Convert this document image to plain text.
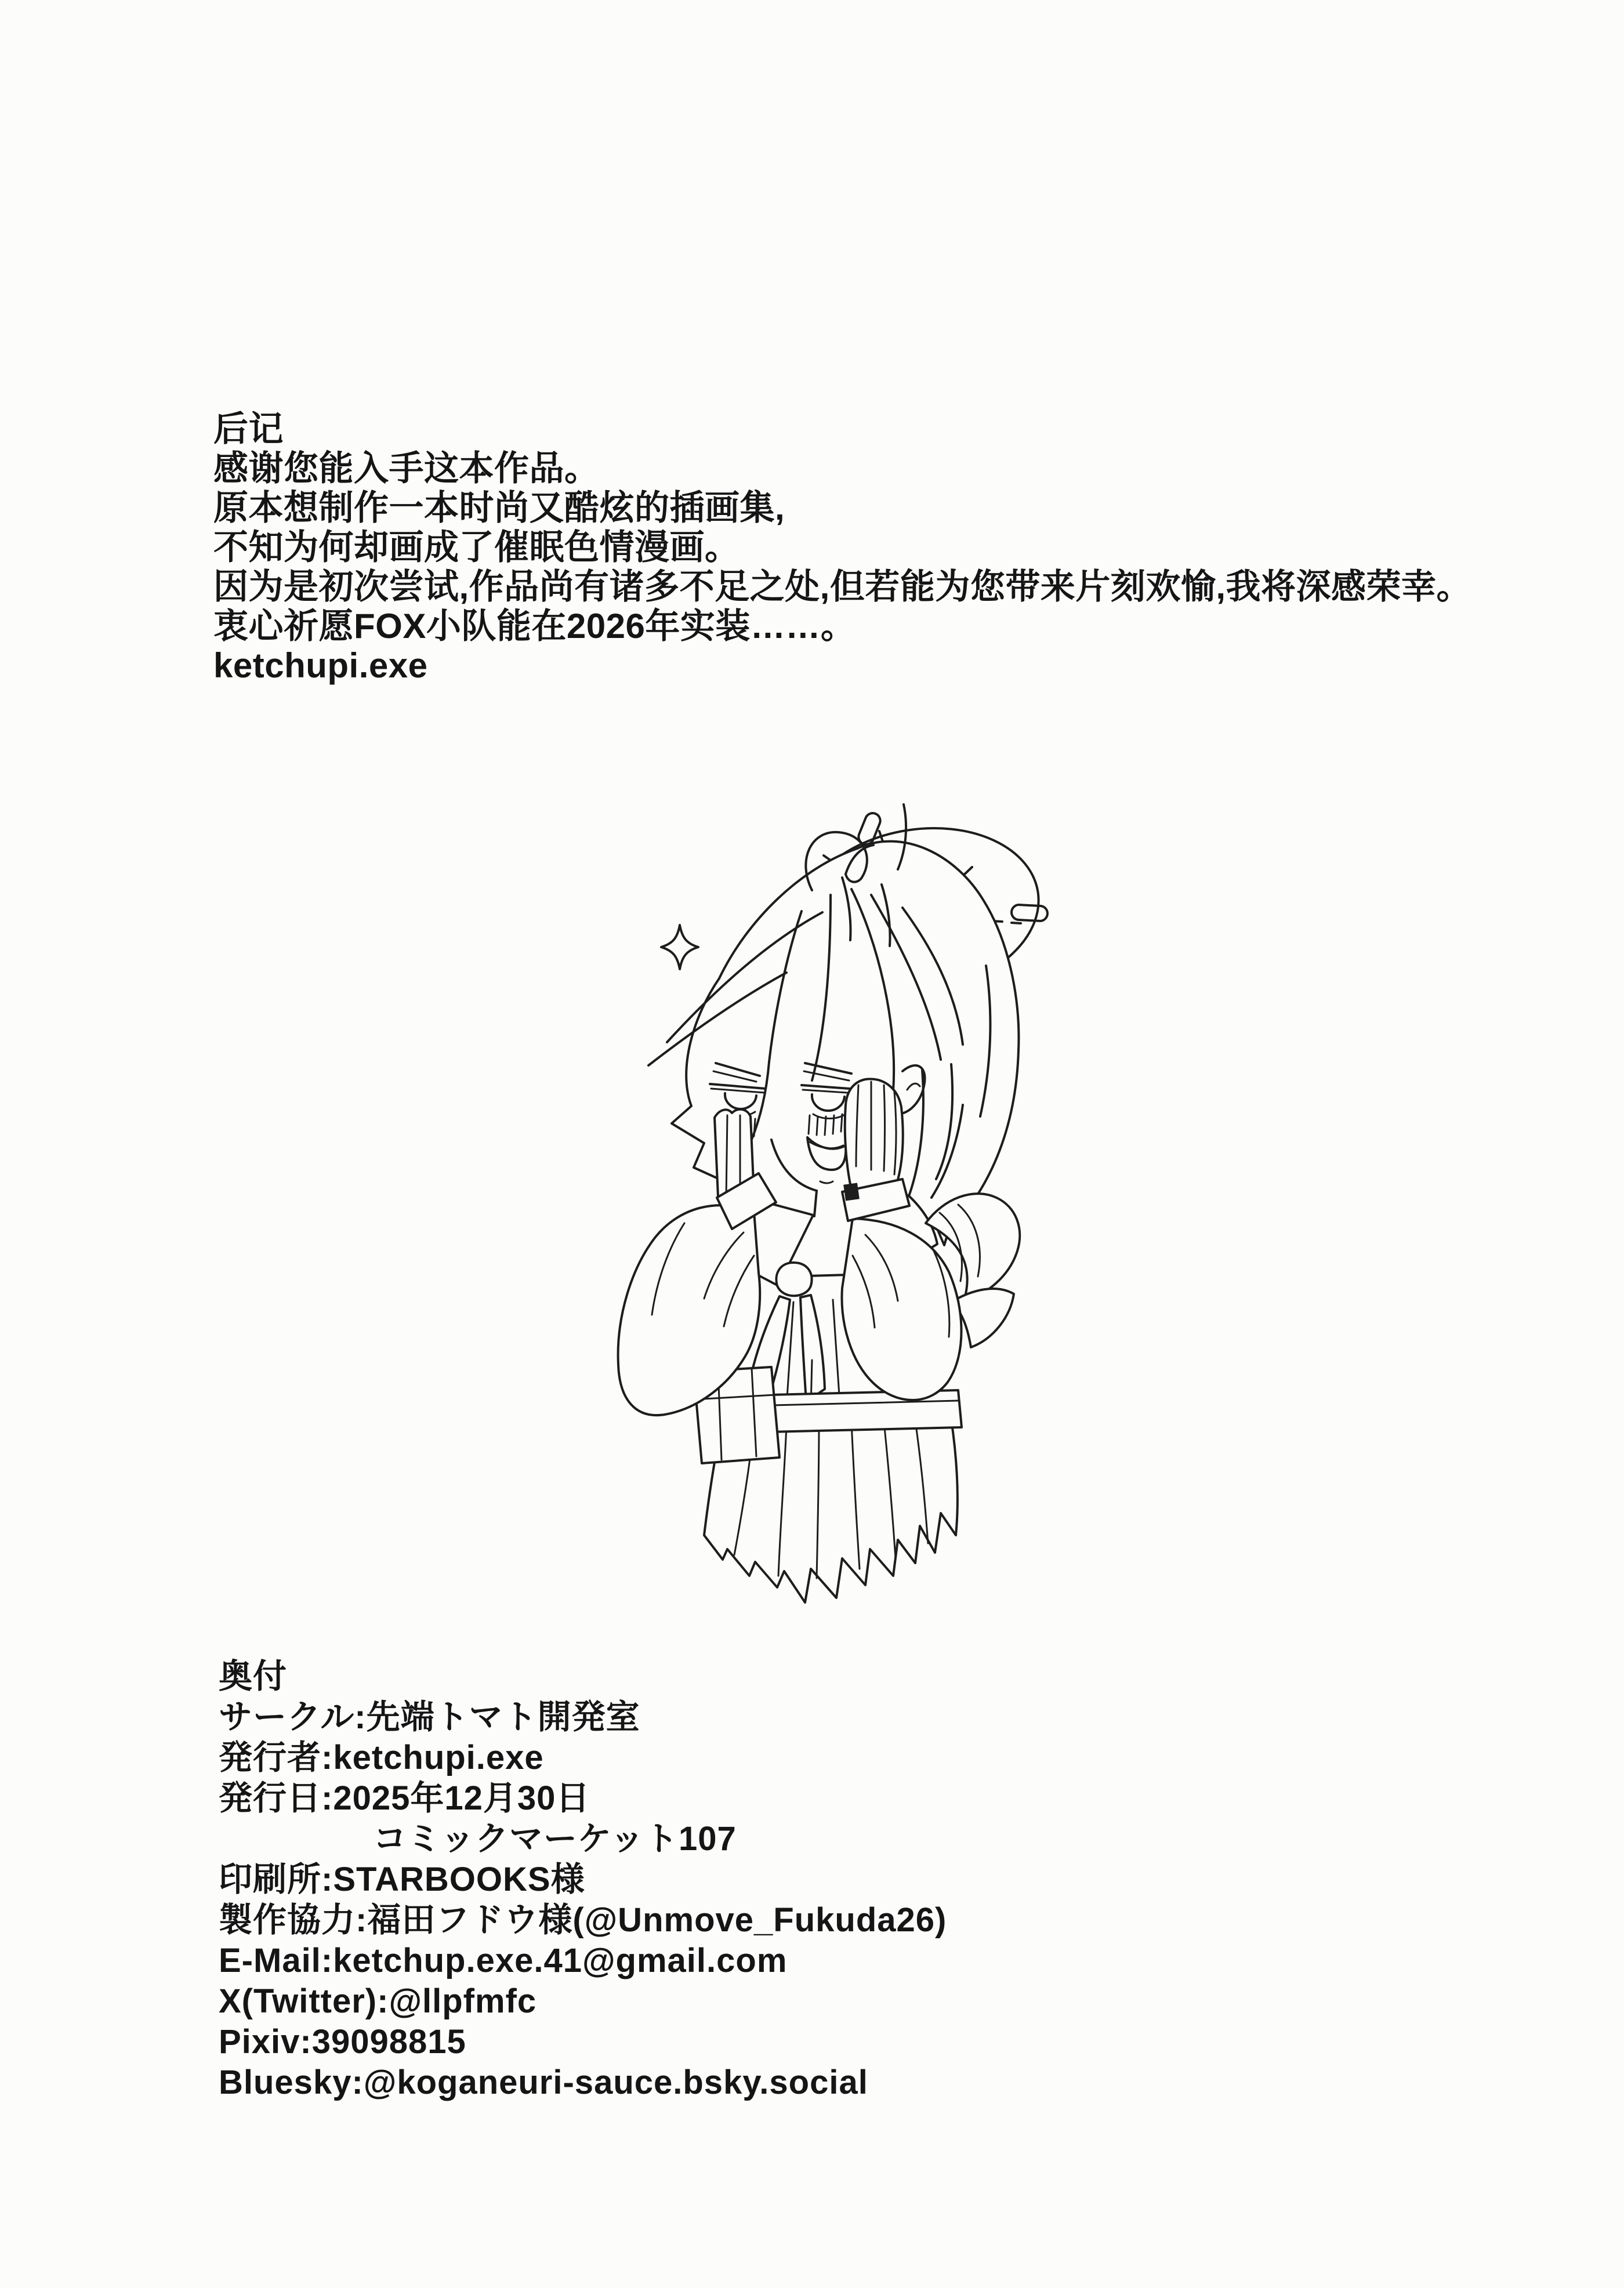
后记
感谢您能入手这本作品。
原本想制作一本时尚又酷炫的插画集,
不知为何却画成了催眠色情漫画。
因为是初次尝试,作品尚有诸多不足之处,但若能为您带来片刻欢愉,我将深感荣幸。
衷心祈愿FOX小队能在2026年实装……。
ketchupi.exe
奥付
サークル:先端トマト開発室
発行者:ketchupi.exe
発行日:2025年12月30日
コミックマーケット107
印刷所:STARBOOKS様
製作協力:福田フドウ様(@Unmove_Fukuda26)
E-Mail:ketchup.exe.41@gmail.com
X(Twitter):@llpfmfc
Pixiv:39098815
Bluesky:@koganeuri-sauce.bsky.social
